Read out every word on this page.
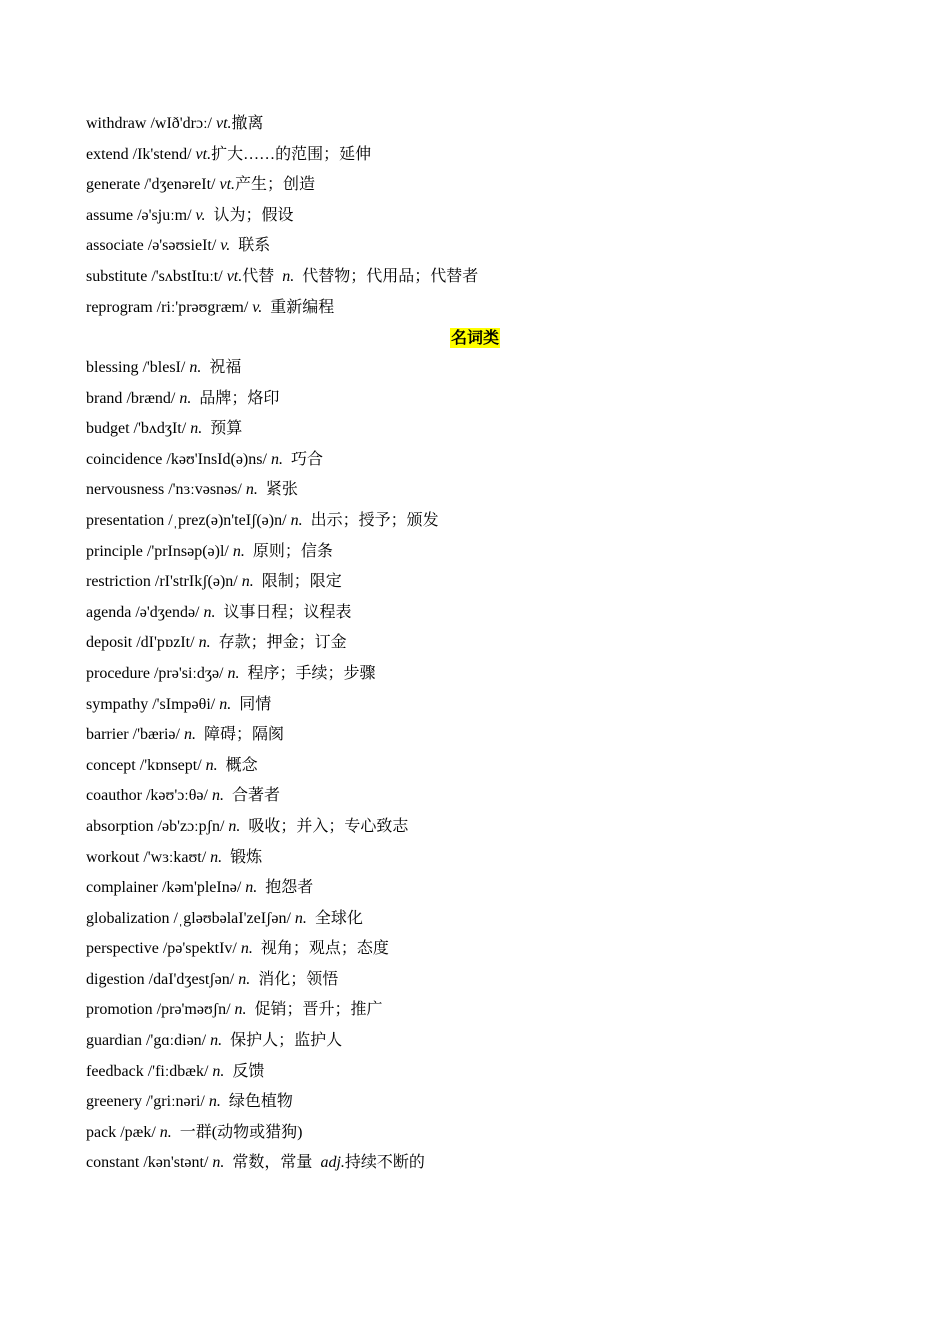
withdraw /wIð'drɔː/ vt.撤离
extend /Ik'stend/ vt.扩大……的范围；延伸
generate /'dʒenəreIt/ vt.产生；创造
assume /ə'sjuːm/ v.  认为；假设
associate /ə'səʊsieIt/ v.  联系
substitute /'sʌbstItuːt/ vt.代替  n.  代替物；代用品；代替者
reprogram /riː'prəʊgræm/ v.  重新编程
名词类
blessing /'blesI/ n.  祝福
brand /brænd/ n.  品牌；烙印
budget /'bʌdʒIt/ n.  预算
coincidence /kəʊ'InsId(ə)ns/ n.  巧合
nervousness /'nɜːvəsnəs/ n.  紧张
presentation /ˌprez(ə)n'teIʃ(ə)n/ n.  出示；授予；颁发
principle /'prInsəp(ə)l/ n.  原则；信条
restriction /rI'strIkʃ(ə)n/ n.  限制；限定
agenda /ə'dʒendə/ n.  议事日程；议程表
deposit /dI'pɒzIt/ n.  存款；押金；订金
procedure /prə'siːdʒə/ n.  程序；手续；步骤
sympathy /'sImpəθi/ n.  同情
barrier /'bæriə/ n.  障碍；隔阂
concept /'kɒnsept/ n.  概念
coauthor /kəʊ'ɔːθə/ n.  合著者
absorption /əb'zɔːpʃn/ n.  吸收；并入；专心致志
workout /'wɜːkaʊt/ n.  锻炼
complainer /kəm'pleInə/ n.  抱怨者
globalization /ˌgləʊbəlaI'zeIʃən/ n.  全球化
perspective /pə'spektIv/ n.  视角；观点；态度
digestion /daI'dʒestʃən/ n.  消化；领悟
promotion /prə'məʊʃn/ n.  促销；晋升；推广
guardian /'gɑːdiən/ n.  保护人；监护人
feedback /'fiːdbæk/ n.  反馈
greenery /'griːnəri/ n.  绿色植物
pack /pæk/ n.  一群(动物或猎狗)
constant /kən'stənt/ n.  常数，常量  adj.持续不断的
